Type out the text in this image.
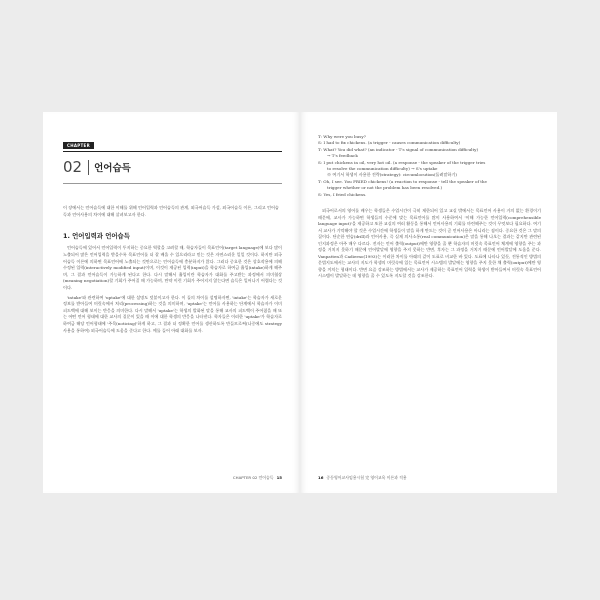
CHAPTER
02 언어습득

이 장에서는 언어습득에 대한 이해를 위해 언어입력과 언어습득의 관계, 외국어습득 가설, 외국어습득 이론, 그리고 언어습득과 언어사용의 차이에 대해 살펴보고자 한다.

1. 언어입력과 언어습득

언어습득에 있어서 언어입력이 투지하는 중요한 역할을 고려할 때, 학습자들이 목표언어(target language)에 보다 많이 노출되어 많은 언어입력을 받을수록 목표언어를 더 잘 배울 수 있으리라고 믿는 것은 자연스러운 일일 것이다. 하지만 외국어습득 이론에 의하면 목표언어에 노출되는 것만으로는 언어습득에 충분하지가 않다. 그러다 중요한 것은 상호작용에 의해 수정된 입력(interactively modified input)이며, 이것이 제공된 입력(input)을 학습자로 하여금 흡입(intake)하게 해주며, 그 결과 언어습득이 가능하게 된다고 한다. 다시 말해서 흡입이란 학습자가 대화를 주고받는 과정에서 의미협상(meaning negotiation)할 기회가 주어질 때 가능하며, 만약 이런 기회가 주어지지 않는다면 습득은 일어나기 어렵다는 것이다.

'intake'와 관련하여 'uptake'에 대한 설명도 덧붙이고자 한다. 이 둘의 차이를 설명하자면, 'intake'는 학습자가 새로운 정보를 받아들여 머릿속에서 처리(processing)하는 것을 의미하며, 'uptake'는 언어를 사용하는 단계에서 학습자가 이미 피드백에 대해 보이는 반응을 의미한다. 다시 말해서 'uptake'는 학생의 발화된 말을 통해 교사의 피드백이 주어졌을 때 또는 어떤 언어 형태에 대한 교사의 질문이 있을 때 이에 대한 학생의 반응을 나타낸다. 학자들은 이러한 'uptake'가 학습자로 하여금 해당 언어형태에 '주목(noticing)'하게 하고, 그 결과 더 정확한 언어를 생산하도록 만들므로써(나중에도 strategy 사용을 통하여) 외국어습득에 도움을 준다고 한다. 예를 들어 아래 대화를 보자.

CHAPTER 02 언어습득 15
T: Why were you busy?
S: I had to fix chickens. (a trigger - causes communication difficulty)
T: What? You did what? (an indicator - T's signal of communication difficulty)
→ T's feedback
S: I put chickens in oil, very hot oil. (a response - the speaker of the trigger tries
to resolve the communication difficulty) → S's uptake
※ 여기서 학생이 사용한 전략(strategy): circumlocution(돌려말하기)
T: Oh, I see. You FRIED chickens! (a reaction to response - tell the speaker of the
trigger whether or not the problem has been resolved.)
S: Yes, I fried chickens.

외국어로서의 영어를 배우는 학생들은 수업시간이 극히 제한되어 있고 교실 밖에서는 목표언어 사용이 거의 없는 환경이기 때문에, 교사가 가능하면 학생들의 수준에 맞는 목표언어를 많이 사용하여서 '이해 가능한 언어입력(comprehensible language input)'을 제공하고 또한 교실의 여러 활동을 통해서 언어사용의 기회를 마련해주는 것이 무엇보다 필요하다. 여기서 교사가 기억해야 할 것은 수업시간에 학생들이 말을 하게 만드는 것이 곧 언어사용은 아니라는 점이다. 중요한 것은 그 말의 질이다. 단순한 연습(drill)과 언어사용, 즉 실제 의사소통(real communication)은 말을 통해 나오는 결과는 같지만 관련된 인지과정은 아주 매우 다르다. 전자는 언어 출력(output)에만 영향을 줄 뿐 학습자의 머릿속 목표언어 체계에 영향을 주는 과정을 거치지 못하기 때문에 언어발달에 영향을 주지 못하는 반면, 후자는 그 과정을 거치기 때문에 언어발달에 도움을 준다. Vanpatten과 Cadierno(1993)는 이러한 차이를 아래의 같이 도표로 비교한 바 있다. 도표에 나타나 있듯, 전통적인 방법의 문법지도에서는 교사의 지도가 학생의 머릿속에 있는 목표언어 시스템의 발달에는 영향을 주지 못한 채 출력(output)에만 영향을 끼치는 형태이다. 반면 요즘 강조하는 방법에서는 교사가 제공하는 목표언어 입력을 학생이 받아들여서 머릿속 목표언어 시스템이 발달하는 데 영향을 줄 수 있도록 지도할 것을 강조한다.

16 중등영어교사임용시험 完 영어교육 이론과 적용
